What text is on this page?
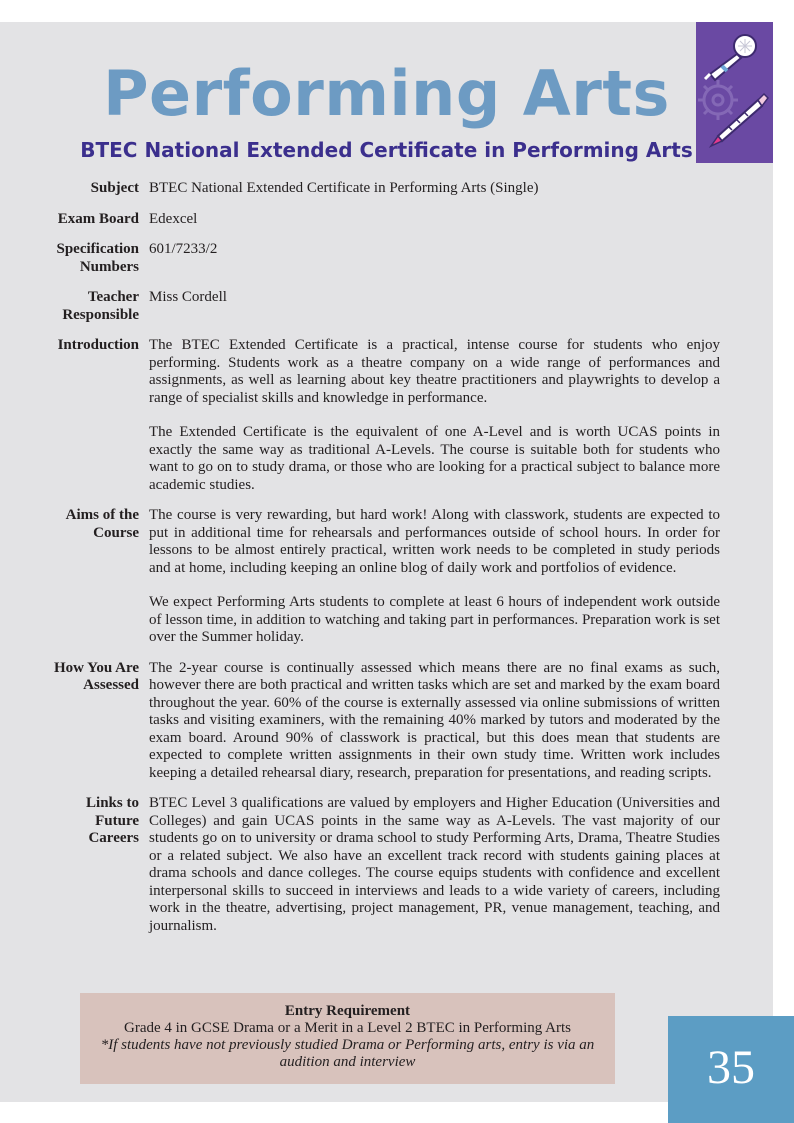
Performing Arts
BTEC National Extended Certificate in Performing Arts
Subject BTEC National Extended Certificate in Performing Arts (Single)

Exam Board Edexcel

Specification Numbers

601/7233/2

Teacher Responsible

Miss Cordell

Introduction The BTEC Extended Certificate is a practical, intense course for students who enjoy performing. Students work as a theatre company on a wide range of performances and assignments, as well as learning about key theatre practitioners and playwrights to develop a range of specialist skills and knowledge in performance.

The Extended Certificate is the equivalent of one A-Level and is worth UCAS points in exactly the same way as traditional A-Levels. The course is suitable both for students who want to go on to study drama, or those who are looking for a practical subject to balance more academic studies.

Aims of the Course

The course is very rewarding, but hard work! Along with classwork, students are expected to put in additional time for rehearsals and performances outside of school hours. In order for lessons to be almost entirely practical, written work needs to be completed in study periods and at home, including keeping an online blog of daily work and portfolios of evidence.

We expect Performing Arts students to complete at least 6 hours of independent work outside of lesson time, in addition to watching and taking part in performances. Preparation work is set over the Summer holiday.

How You Are Assessed

The 2-year course is continually assessed which means there are no final exams as such, however there are both practical and written tasks which are set and marked by the exam board throughout the year. 60% of the course is externally assessed via online submissions of written tasks and visiting examiners, with the remaining 40% marked by tutors and moderated by the exam board. Around 90% of classwork is practical, but this does mean that students are expected to complete written assignments in their own study time. Written work includes keeping a detailed rehearsal diary, research, preparation for presentations, and reading scripts.

Links to Future Careers

BTEC Level 3 qualifications are valued by employers and Higher Education (Universities and Colleges) and gain UCAS points in the same way as A-Levels. The vast majority of our students go on to university or drama school to study Performing Arts, Drama, Theatre Studies or a related subject. We also have an excellent track record with students gaining places at drama schools and dance colleges. The course equips students with confidence and excellent interpersonal skills to succeed in interviews and leads to a wide variety of careers, including work in the theatre, advertising, project management, PR, venue management, teaching, and journalism.

Entry Requirement
Grade 4 in GCSE Drama or a Merit in a Level 2 BTEC in Performing Arts
*If students have not previously studied Drama or Performing arts, entry is via an audition and interview	35
